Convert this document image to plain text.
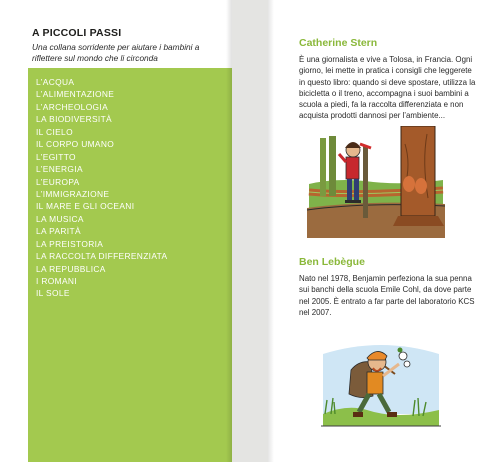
A PICCOLI PASSI
Una collana sorridente per aiutare i bambini a riflettere sul mondo che li circonda
L’ACQUA
L’ALIMENTAZIONE
L’ARCHEOLOGIA
LA BIODIVERSITÀ
IL CIELO
IL CORPO UMANO
L’EGITTO
L’ENERGIA
L’EUROPA
L’IMMIGRAZIONE
IL MARE E GLI OCEANI
LA MUSICA
LA PARITÀ
LA PREISTORIA
LA RACCOLTA DIFFERENZIATA
LA REPUBBLICA
I ROMANI
IL SOLE
Catherine Stern
È una giornalista e vive a Tolosa, in Francia. Ogni giorno, lei mette in pratica i consigli che leggerete in questo libro: quando si deve spostare, utilizza la bicicletta o il treno, accompagna i suoi bambini a scuola a piedi, fa la raccolta differenziata e non acquista prodotti dannosi per l’ambiente...
Ben Lebègue
Nato nel 1978, Benjamin perfeziona la sua penna sui banchi della scuola Emile Cohl, da dove parte nel 2005. È entrato a far parte del laboratorio KCS nel 2007.
